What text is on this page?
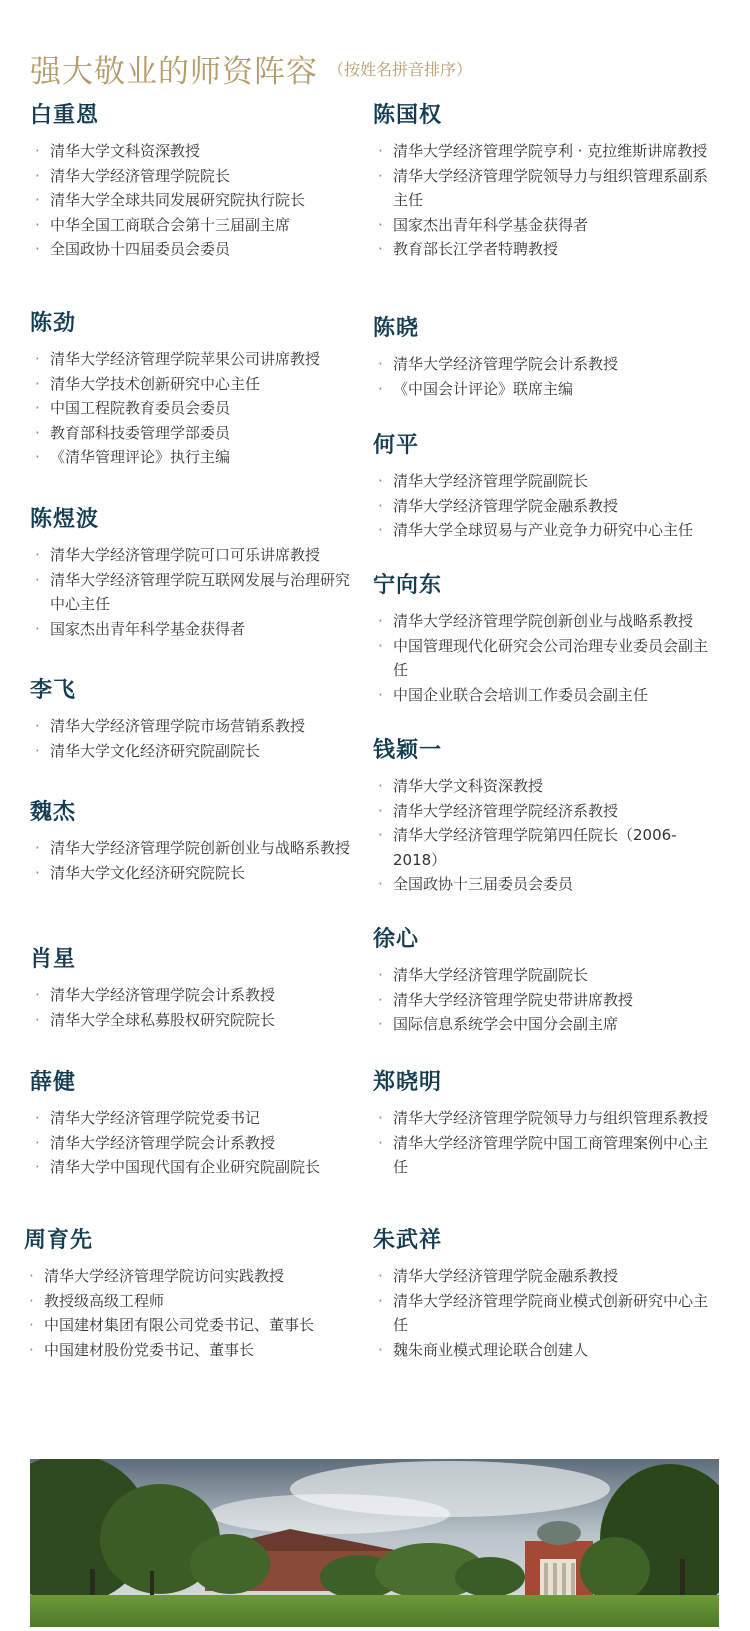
强大敬业的师资阵容 （按姓名拼音排序）
白重恩
· 清华大学文科资深教授
· 清华大学经济管理学院院长
· 清华大学全球共同发展研究院执行院长
· 中华全国工商联合会第十三届副主席
· 全国政协十四届委员会委员
陈劲
· 清华大学经济管理学院苹果公司讲席教授
· 清华大学技术创新研究中心主任
· 中国工程院教育委员会委员
· 教育部科技委管理学部委员
· 《清华管理评论》执行主编
陈煜波
· 清华大学经济管理学院可口可乐讲席教授
· 清华大学经济管理学院互联网发展与治理研究中心主任
· 国家杰出青年科学基金获得者
李飞
· 清华大学经济管理学院市场营销系教授
· 清华大学文化经济研究院副院长
魏杰
· 清华大学经济管理学院创新创业与战略系教授
· 清华大学文化经济研究院院长
肖星
· 清华大学经济管理学院会计系教授
· 清华大学全球私募股权研究院院长
薛健
· 清华大学经济管理学院党委书记
· 清华大学经济管理学院会计系教授
· 清华大学中国现代国有企业研究院副院长
周育先
· 清华大学经济管理学院访问实践教授
· 教授级高级工程师
· 中国建材集团有限公司党委书记、董事长
· 中国建材股份党委书记、董事长
陈国权
· 清华大学经济管理学院亨利 · 克拉维斯讲席教授
· 清华大学经济管理学院领导力与组织管理系副系主任
· 国家杰出青年科学基金获得者
· 教育部长江学者特聘教授
陈晓
· 清华大学经济管理学院会计系教授
· 《中国会计评论》联席主编
何平
· 清华大学经济管理学院副院长
· 清华大学经济管理学院金融系教授
· 清华大学全球贸易与产业竞争力研究中心主任
宁向东
· 清华大学经济管理学院创新创业与战略系教授
· 中国管理现代化研究会公司治理专业委员会副主任
· 中国企业联合会培训工作委员会副主任
钱颖一
· 清华大学文科资深教授
· 清华大学经济管理学院经济系教授
· 清华大学经济管理学院第四任院长（2006-2018）
· 全国政协十三届委员会委员
徐心
· 清华大学经济管理学院副院长
· 清华大学经济管理学院史带讲席教授
· 国际信息系统学会中国分会副主席
郑晓明
· 清华大学经济管理学院领导力与组织管理系教授
· 清华大学经济管理学院中国工商管理案例中心主任
朱武祥
· 清华大学经济管理学院金融系教授
· 清华大学经济管理学院商业模式创新研究中心主任
· 魏朱商业模式理论联合创建人
